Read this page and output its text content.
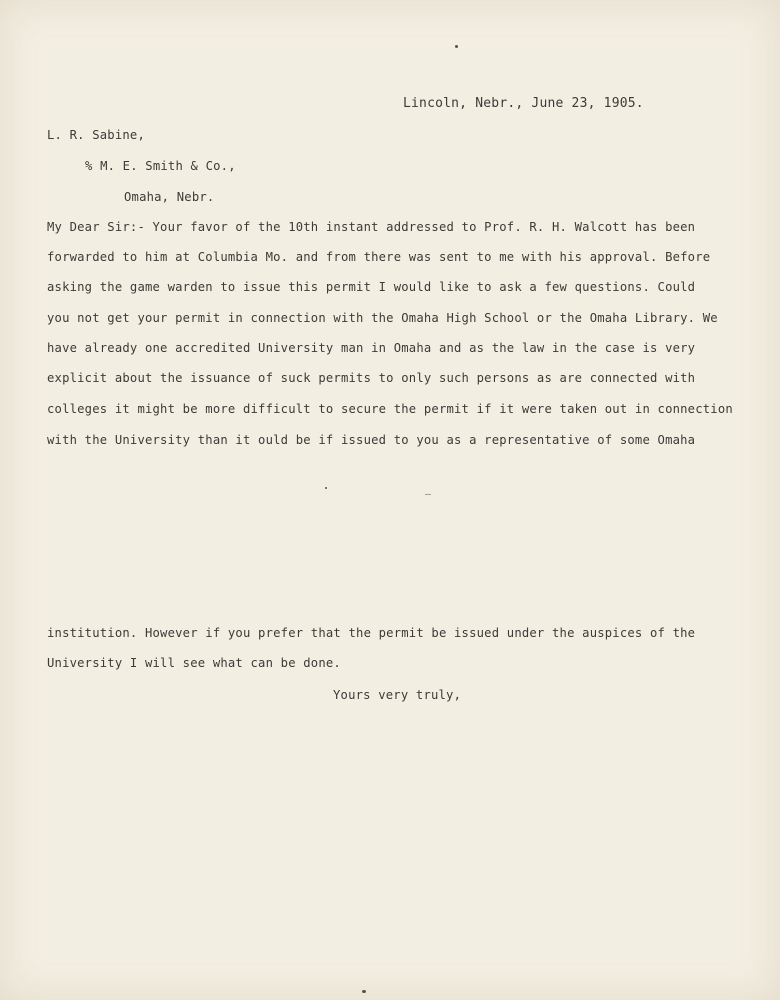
Lincoln, Nebr., June 23, 1905.
L. R. Sabine,
% M. E. Smith & Co.,
Omaha, Nebr.
My Dear Sir:- Your favor of the 10th instant addressed to Prof. R. H. Walcott has been
forwarded to him at Columbia Mo. and from there was sent to me with his approval. Before
asking the game warden to issue this permit I would like to ask a few questions. Could
you not get your permit in connection with the Omaha High School or the Omaha Library. We
have already one accredited University man in Omaha and as the law in the case is very
explicit about the issuance of suck permits to only such persons as are connected with
colleges it might be more difficult to secure the permit if it were taken out in connection
with the University than it ould be if issued to you as a representative of some Omaha
institution. However if you prefer that the permit be issued under the auspices of the
University I will see what can be done.
Yours very truly,
